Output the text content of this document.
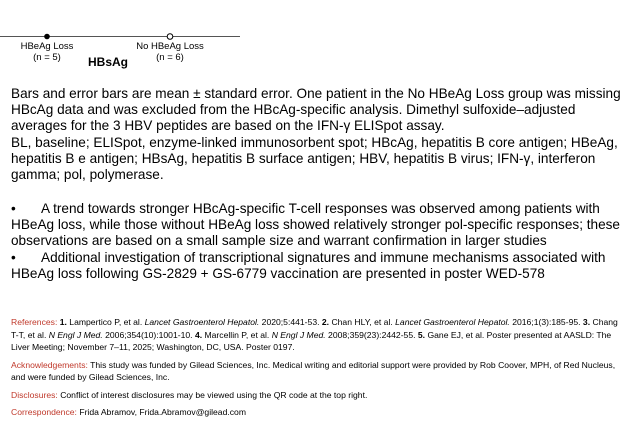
HBeAg Loss
(n = 5)
No HBeAg Loss
(n = 6)
HBsAg

Bars and error bars are mean ± standard error. One patient in the No HBeAg Loss group was missing HBcAg data and was excluded from the HBcAg-specific analysis. Dimethyl sulfoxide–adjusted averages for the 3 HBV peptides are based on the IFN-γ ELISpot assay.

BL, baseline; ELISpot, enzyme-linked immunosorbent spot; HBcAg, hepatitis B core antigen; HBeAg, hepatitis B e antigen; HBsAg, hepatitis B surface antigen; HBV, hepatitis B virus; IFN-γ, interferon gamma; pol, polymerase.

• A trend towards stronger HBcAg-specific T-cell responses was observed among patients with HBeAg loss, while those without HBeAg loss showed relatively stronger pol-specific responses; these observations are based on a small sample size and warrant confirmation in larger studies

• Additional investigation of transcriptional signatures and immune mechanisms associated with HBeAg loss following GS-2829 + GS-6779 vaccination are presented in poster WED-578

References: 1. Lampertico P, et al. Lancet Gastroenterol Hepatol. 2020;5:441-53. 2. Chan HLY, et al. Lancet Gastroenterol Hepatol. 2016;1(3):185-95. 3. Chang T-T, et al. N Engl J Med. 2006;354(10):1001-10. 4. Marcellin P, et al. N Engl J Med. 2008;359(23):2442-55. 5. Gane EJ, et al. Poster presented at AASLD: The Liver Meeting; November 7–11, 2025; Washington, DC, USA. Poster 0197.

Acknowledgements: This study was funded by Gilead Sciences, Inc. Medical writing and editorial support were provided by Rob Coover, MPH, of Red Nucleus, and were funded by Gilead Sciences, Inc.

Disclosures: Conflict of interest disclosures may be viewed using the QR code at the top right.

Correspondence: Frida Abramov, Frida.Abramov@gilead.com
